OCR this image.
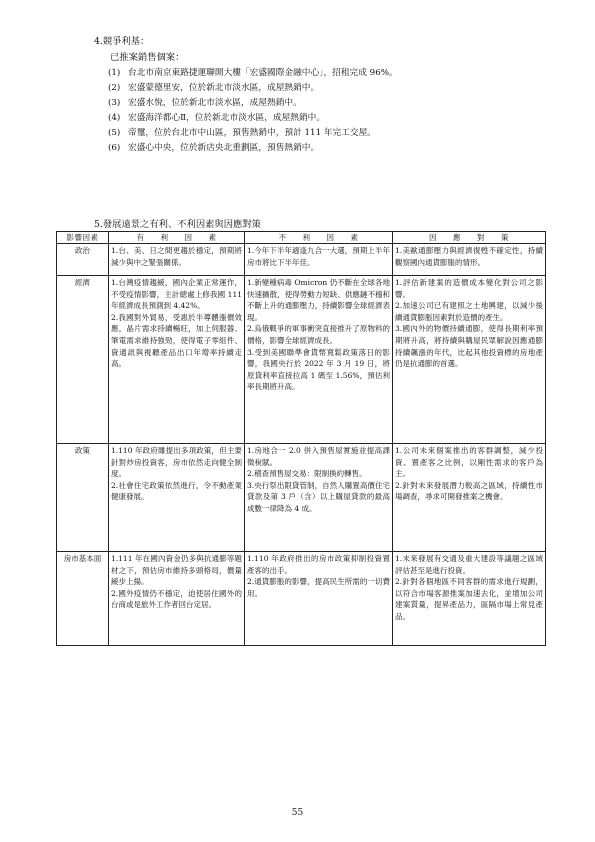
4.競爭利基：
已推案銷售個案：
(1) 台北市南京東路捷運聯開大樓「宏盛國際金融中心」，招租完成 96%。
(2) 宏盛蒙德里安，位於新北市淡水區，成屋熱銷中。
(3) 宏盛水悅，位於新北市淡水區，成屋熱銷中。
(4) 宏盛海洋都心Ⅱ，位於新北市淡水區，成屋熱銷中。
(5) 帝璽，位於台北市中山區，預售熱銷中，預計 111 年完工交屋。
(6) 宏盛心中央，位於新店央北重劃區，預售熱銷中。
5.發展遠景之有利、不利因素與因應對策
影響因素	有　　利　　因　　素	不　　利　　因　　素	因　　應　　對　　策
政治	1.台、美、日之間更趨於穩定，預期將減少與中之緊張關係。	1.今年下半年適逢九合一大選，預期上半年房市將比下半年佳。	1.美歐通膨壓力與經濟復甦不確定性，持續觀察國內通貨膨脹的情形。

經濟	1.台灣疫情趨緩，國內企業正常運作，不受疫情影響，主計總處上修我國 111 年經濟成長預測到 4.42%。
2.我國對外貿易，受惠於半導體漲價效應，晶片需求持續暢旺，加上伺服器、筆電需求維持強勁，使得電子零組件、資通訊與視聽產品出口年增率持續走高。	1.新變種病毒 Omicron 仍不斷在全球各地快速擴散，使得勞動力短缺、供應鏈不穩和不斷上升的通膨壓力，持續影響全球經濟表現。
2.烏俄戰爭的軍事衝突直接推升了原物料的價格，影響全球經濟成長。
3.受到美國聯準會貨幣寬鬆政策落日的影響，我國央行於 2022 年 3 月 19 日，將原貸利率直接拉高 1 碼至 1.56%，預估利率長期將升高。	1.評估新建案的造價成本變化對公司之影響。
2.加速公司已有建照之土地興建，以減少後續通貨膨脹因素對於造價的產生。
3.國內外的物價持續通膨，使得長期利率預期將升高，將持續與購屋民眾解說因應通膨持續飆漲的年代，比起其他投資標的房地產仍是抗通膨的首選。

政策	1.110 年政府雖提出多項政策，但主要針對炒房投資客，房市依然走向健全制度。
2.社會住宅政策依然進行，令不動產業健康發展。	1.房地合一 2.0 併入預售屋實施並提高課徵稅賦。
2.稽查預售屋交易：限制換約轉售。
3.央行祭出限貸管制，自然人購置高價住宅貸款及第 3 戶（含）以上購屋貸款的最高成數一律降為 4 成。	1.公司未來個案推出的客群調整，減少投資、置產客之比例，以剛性需求的客戶為主。
2.針對未來發展潛力較高之區域，持續性市場調查，尋求可開發推案之機會。

房市基本面	1.111 年在國內資金仍多與抗通膨等題材之下，預估房市維持多頭格局，價量緩步上揚。
2.國外疫情仍不穩定，迫使居住國外的台商或是旅外工作者回台定居。	1.110 年政府推出的房市政策抑制投資置產客的出手。
2.通貨膨脹的影響，提高民生所需的一切費用。	1.未來發展有交通及重大建設等議題之區域評估甚至是進行投資。
2.針對各個地區不同客群的需求進行規劃，以符合市場客源推案加速去化，並增加公司建案質量，提昇產品力，區隔市場上常見產品。
55
